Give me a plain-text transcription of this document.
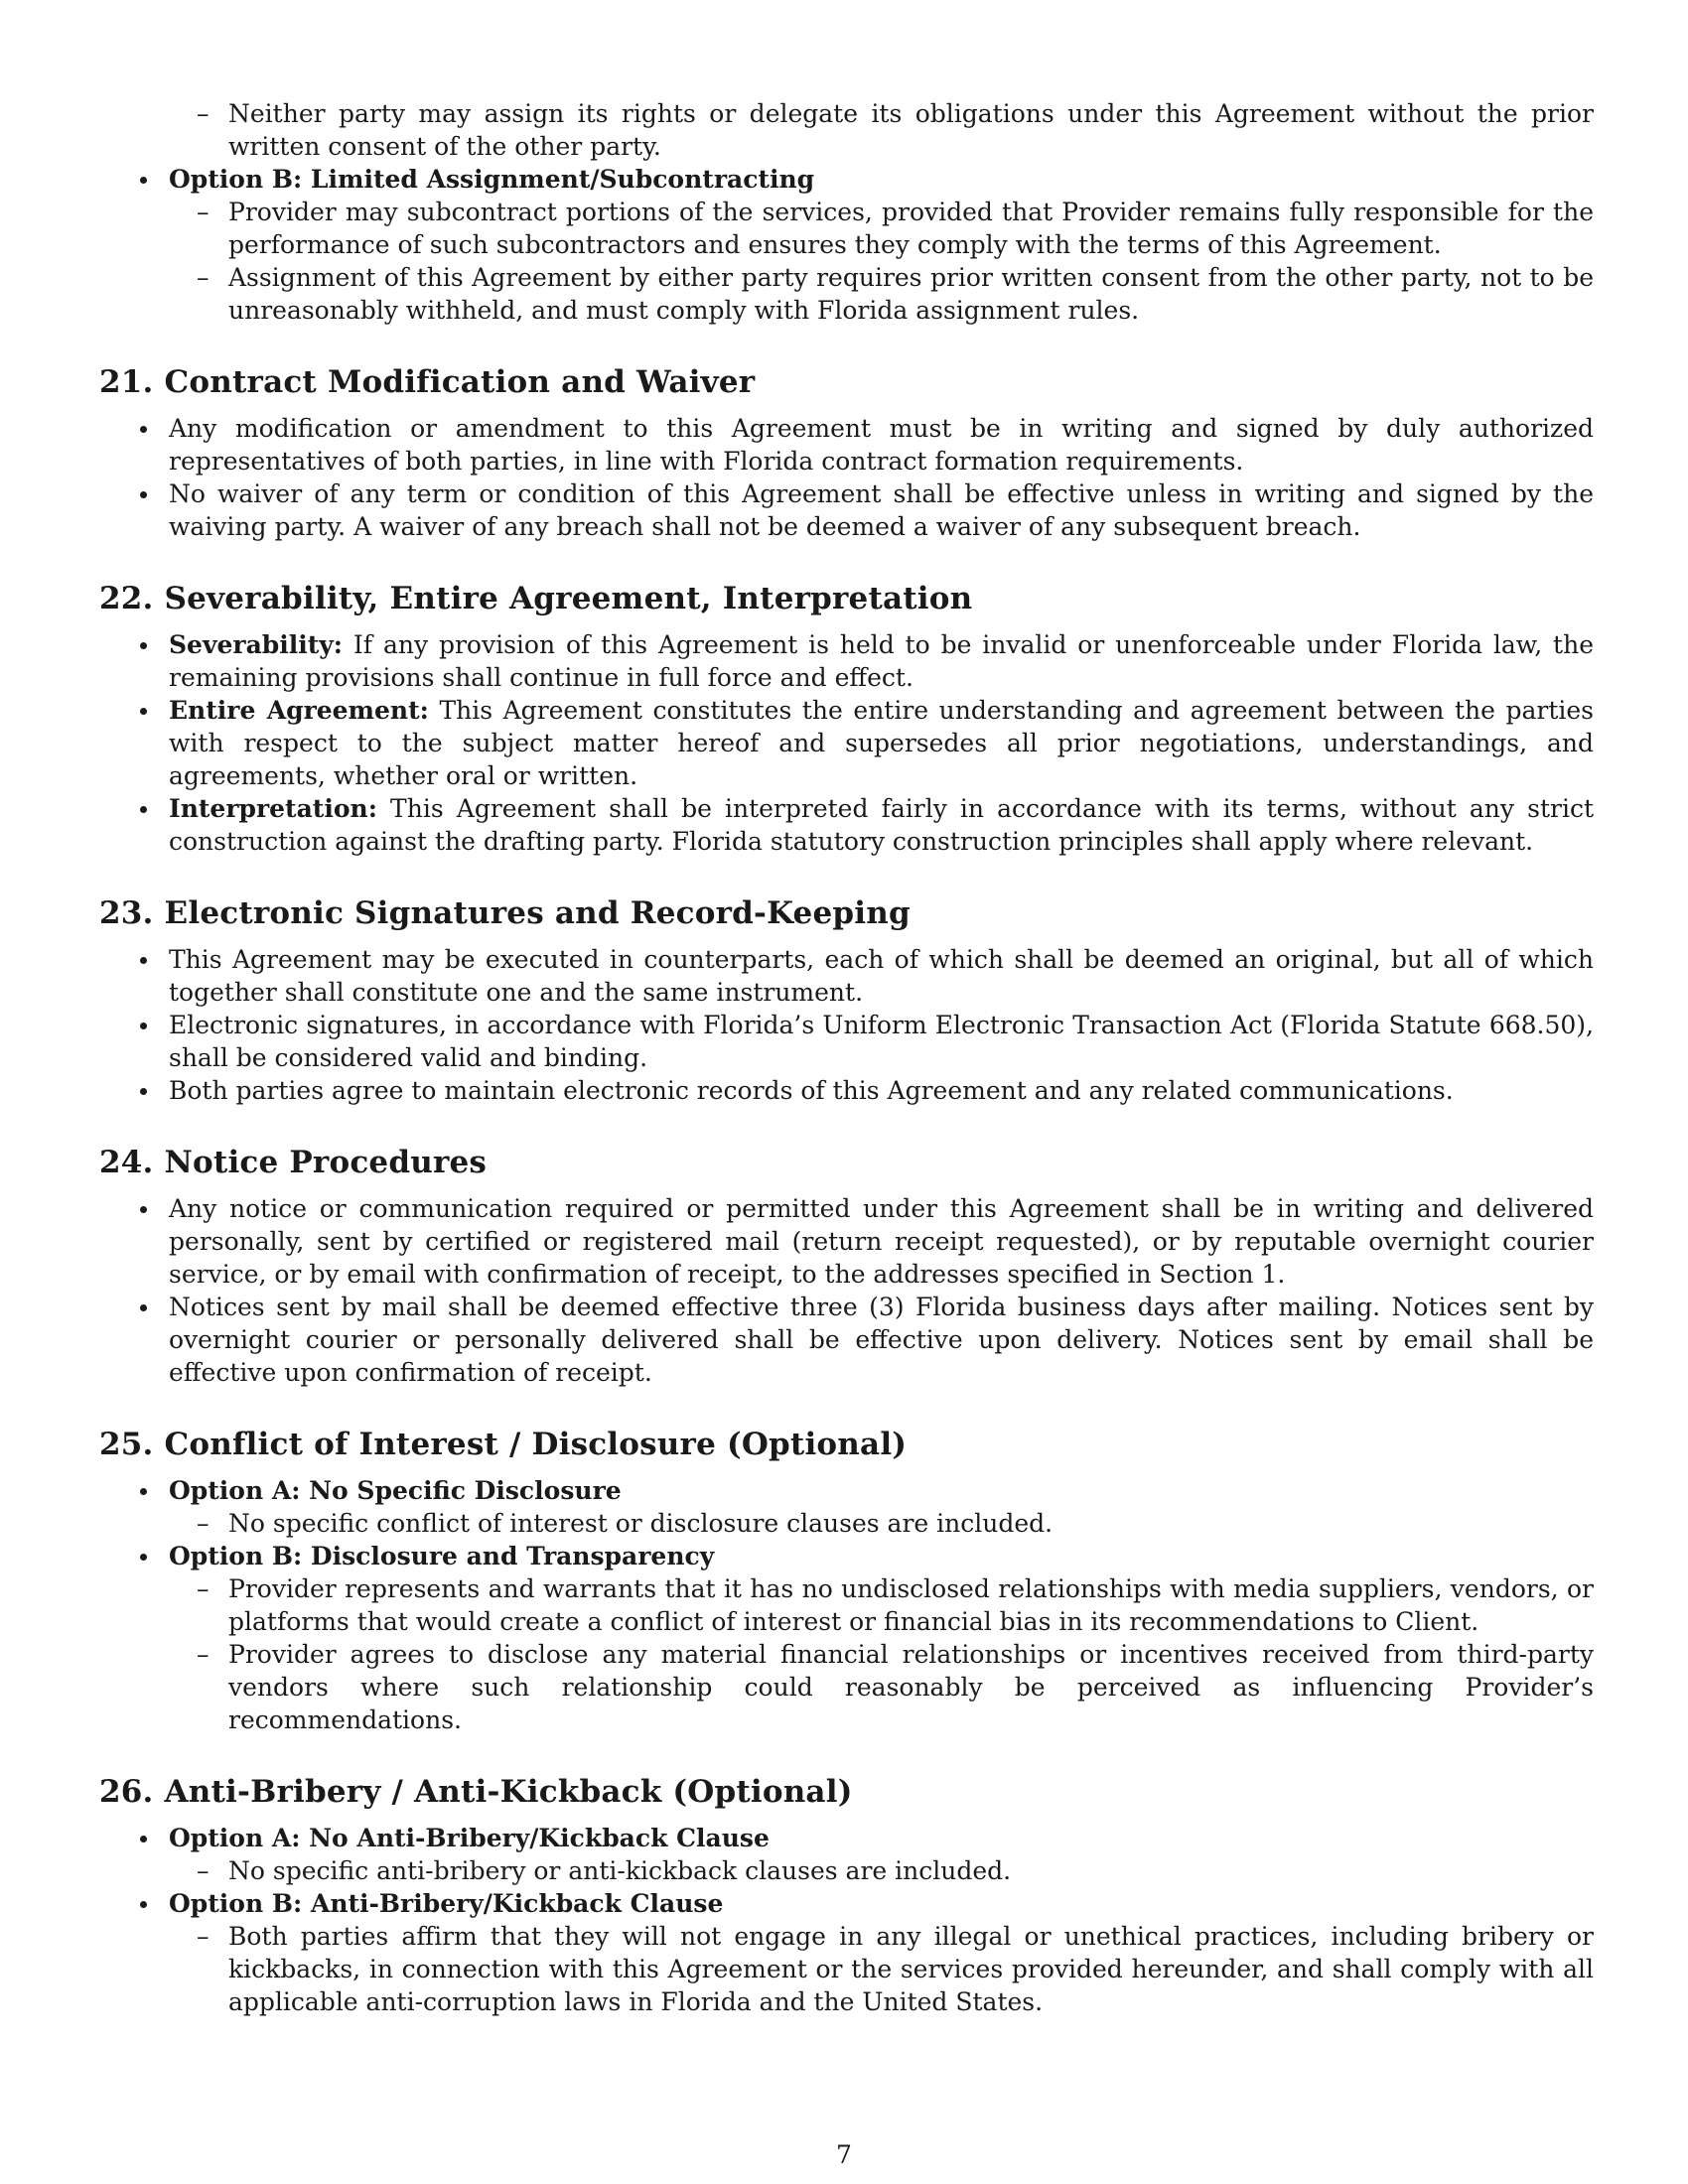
– Neither party may assign its rights or delegate its obligations under this Agreement without the prior written consent of the other party.
Option B: Limited Assignment/Subcontracting
– Provider may subcontract portions of the services, provided that Provider remains fully responsible for the performance of such subcontractors and ensures they comply with the terms of this Agreement.
– Assignment of this Agreement by either party requires prior written consent from the other party, not to be unreasonably withheld, and must comply with Florida assignment rules.
21. Contract Modification and Waiver
Any modification or amendment to this Agreement must be in writing and signed by duly authorized representatives of both parties, in line with Florida contract formation requirements.
No waiver of any term or condition of this Agreement shall be effective unless in writing and signed by the waiving party. A waiver of any breach shall not be deemed a waiver of any subsequent breach.
22. Severability, Entire Agreement, Interpretation
Severability: If any provision of this Agreement is held to be invalid or unenforceable under Florida law, the remaining provisions shall continue in full force and effect.
Entire Agreement: This Agreement constitutes the entire understanding and agreement between the parties with respect to the subject matter hereof and supersedes all prior negotiations, understandings, and agreements, whether oral or written.
Interpretation: This Agreement shall be interpreted fairly in accordance with its terms, without any strict construction against the drafting party. Florida statutory construction principles shall apply where relevant.
23. Electronic Signatures and Record-Keeping
This Agreement may be executed in counterparts, each of which shall be deemed an original, but all of which together shall constitute one and the same instrument.
Electronic signatures, in accordance with Florida’s Uniform Electronic Transaction Act (Florida Statute 668.50), shall be considered valid and binding.
Both parties agree to maintain electronic records of this Agreement and any related communications.
24. Notice Procedures
Any notice or communication required or permitted under this Agreement shall be in writing and delivered personally, sent by certified or registered mail (return receipt requested), or by reputable overnight courier service, or by email with confirmation of receipt, to the addresses specified in Section 1.
Notices sent by mail shall be deemed effective three (3) Florida business days after mailing. Notices sent by overnight courier or personally delivered shall be effective upon delivery. Notices sent by email shall be effective upon confirmation of receipt.
25. Conflict of Interest / Disclosure (Optional)
Option A: No Specific Disclosure
– No specific conflict of interest or disclosure clauses are included.
Option B: Disclosure and Transparency
– Provider represents and warrants that it has no undisclosed relationships with media suppliers, vendors, or platforms that would create a conflict of interest or financial bias in its recommendations to Client.
– Provider agrees to disclose any material financial relationships or incentives received from third-party vendors where such relationship could reasonably be perceived as influencing Provider’s recommendations.
26. Anti-Bribery / Anti-Kickback (Optional)
Option A: No Anti-Bribery/Kickback Clause
– No specific anti-bribery or anti-kickback clauses are included.
Option B: Anti-Bribery/Kickback Clause
– Both parties affirm that they will not engage in any illegal or unethical practices, including bribery or kickbacks, in connection with this Agreement or the services provided hereunder, and shall comply with all applicable anti-corruption laws in Florida and the United States.
7
